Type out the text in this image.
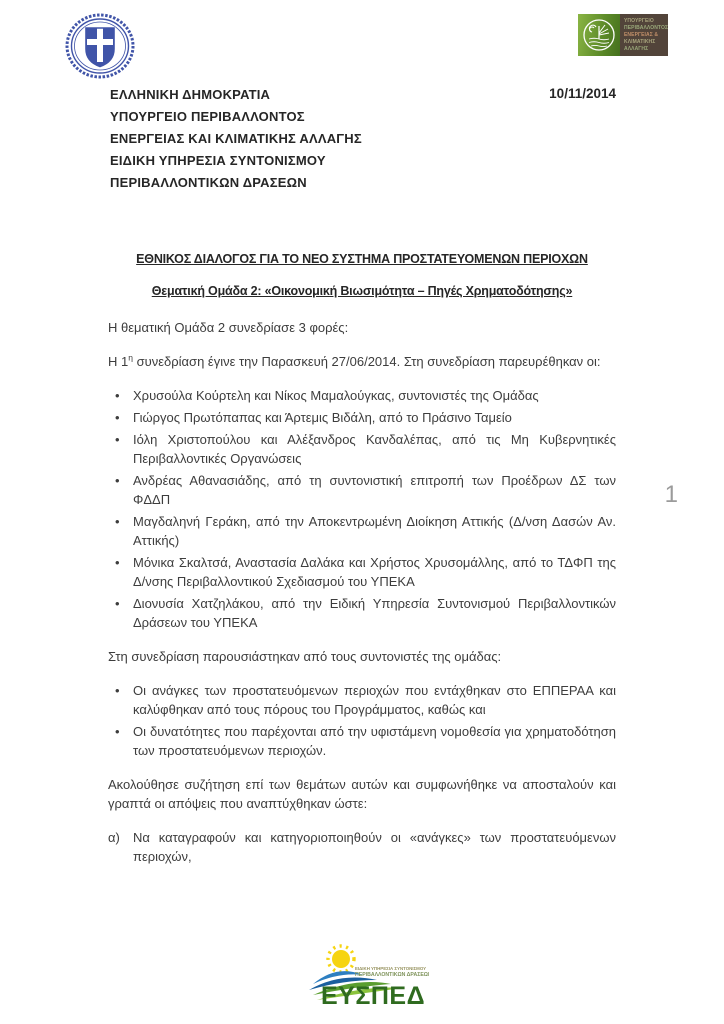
ΥΠΟΥΡΓΕΙΟ
ΠΕΡΙΒΑΛΛΟΝΤΟΣ
ΕΝΕΡΓΕΙΑΣ &
ΚΛΙΜΑΤΙΚΗΣ
ΑΛΛΑΓΗΣ
ΕΛΛΗΝΙΚΗ ΔΗΜΟΚΡΑΤΙΑ
ΥΠΟΥΡΓΕΙΟ ΠΕΡΙΒΑΛΛΟΝΤΟΣ
ΕΝΕΡΓΕΙΑΣ ΚΑΙ ΚΛΙΜΑΤΙΚΗΣ ΑΛΛΑΓΗΣ
ΕΙΔΙΚΗ ΥΠΗΡΕΣΙΑ ΣΥΝΤΟΝΙΣΜΟΥ
ΠΕΡΙΒΑΛΛΟΝΤΙΚΩΝ ΔΡΑΣΕΩΝ
10/11/2014
ΕΘΝΙΚΟΣ ΔΙΑΛΟΓΟΣ ΓΙΑ ΤΟ ΝΕΟ ΣΥΣΤΗΜΑ ΠΡΟΣΤΑΤΕΥΟΜΕΝΩΝ ΠΕΡΙΟΧΩΝ
Θεματική Ομάδα 2: «Οικονομική Βιωσιμότητα – Πηγές Χρηματοδότησης»

Η θεματική Ομάδα 2 συνεδρίασε 3 φορές:

Η $1^\eta$ συνεδρίαση έγινε την Παρασκευή 27/06/2014. Στη συνεδρίαση παρευρέθηκαν οι:

• Χρυσούλα Κούρτελη και Νίκος Μαμαλούγκας, συντονιστές της Ομάδας
• Γιώργος Πρωτόπαπας και Άρτεμις Βιδάλη, από το Πράσινο Ταμείο
• Ιόλη Χριστοπούλου και Αλέξανδρος Κανδαλέπας, από τις Μη Κυβερνητικές Περιβαλλοντικές Οργανώσεις
• Ανδρέας Αθανασιάδης, από τη συντονιστική επιτροπή των Προέδρων ΔΣ των ΦΔΔΠ
• Μαγδαληνή Γεράκη, από την Αποκεντρωμένη Διοίκηση Αττικής (Δ/νση Δασών Αν. Αττικής)
• Μόνικα Σκαλτσά, Αναστασία Δαλάκα και Χρήστος Χρυσομάλλης, από το ΤΔΦΠ της Δ/νσης Περιβαλλοντικού Σχεδιασμού του ΥΠΕΚΑ
• Διονυσία Χατζηλάκου, από την Ειδική Υπηρεσία Συντονισμού Περιβαλλοντικών Δράσεων του ΥΠΕΚΑ

Στη συνεδρίαση παρουσιάστηκαν από τους συντονιστές της ομάδας:

• Οι ανάγκες των προστατευόμενων περιοχών που εντάχθηκαν στο ΕΠΠΕΡΑΑ και καλύφθηκαν από τους πόρους του Προγράμματος, καθώς και
• Οι δυνατότητες που παρέχονται από την υφιστάμενη νομοθεσία για χρηματοδότηση των προστατευόμενων περιοχών.

Ακολούθησε συζήτηση επί των θεμάτων αυτών και συμφωνήθηκε να αποσταλούν και γραπτά οι απόψεις που αναπτύχθηκαν ώστε:

α) Να καταγραφούν και κατηγοριοποιηθούν οι «ανάγκες» των προστατευόμενων περιοχών,
1
ΕΙΔΙΚΗ ΥΠΗΡΕΣΙΑ ΣΥΝΤΟΝΙΣΜΟΥ
ΠΕΡΙΒΑΛΛΟΝΤΙΚΩΝ ΔΡΑΣΕΩΝ
ΕΥΣΠΕΔ
